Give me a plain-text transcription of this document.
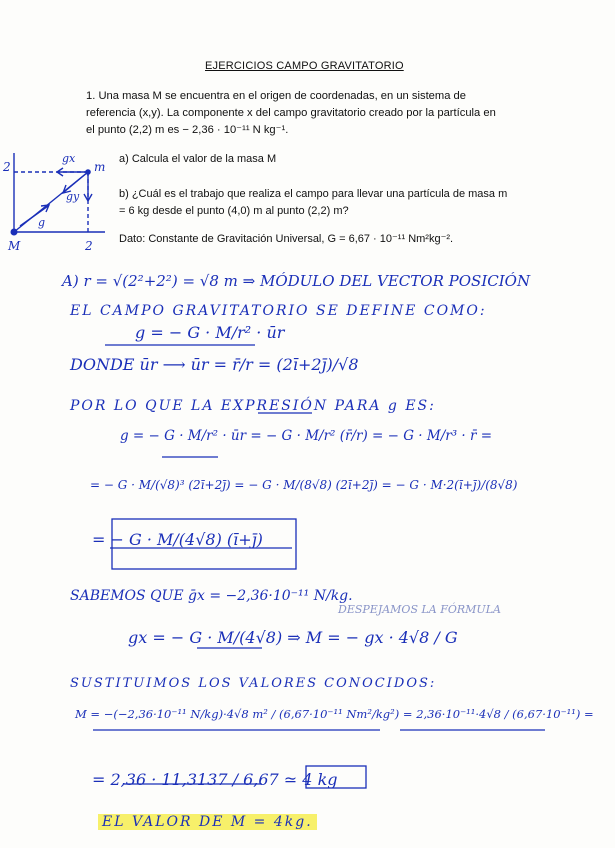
EJERCICIOS CAMPO GRAVITATORIO
1. Una masa M se encuentra en el origen de coordenadas, en un sistema de referencia (x,y). La componente x del campo gravitatorio creado por la partícula en el punto (2,2) m es − 2,36 · 10⁻¹¹ N kg⁻¹.
a) Calcula el valor de la masa M
b) ¿Cuál es el trabajo que realiza el campo para llevar una partícula de masa m = 6 kg desde el punto (4,0) m al punto (2,2) m?
Dato: Constante de Gravitación Universal, G = 6,67 · 10⁻¹¹ Nm²kg⁻².
2	m
gx
gy
g
M	2
A) r = √(2²+2²) = √8 m ⇒ MÓDULO DEL VECTOR POSICIÓN
EL CAMPO GRAVITATORIO SE DEFINE COMO:
g = − G · M/r² · ūr
DONDE ūr ⟶ ūr = r̄/r = (2ī+2j̄)/√8
POR LO QUE LA EXPRESIÓN PARA g ES:
g = − G · M/r² · ūr = − G · M/r² (r̄/r) = − G · M/r³ · r̄ =
= − G · M/(√8)³ (2ī+2j̄) = − G · M/(8√8) (2ī+2j̄) = − G · M·2(ī+j̄)/(8√8)
= − G · M/(4√8) (ī+j̄)
SABEMOS QUE ḡx = −2,36·10⁻¹¹ N/kg.
DESPEJAMOS LA FÓRMULA
gx = − G · M/(4√8) ⇒ M = − gx · 4√8 / G
SUSTITUIMOS LOS VALORES CONOCIDOS:
M = −(−2,36·10⁻¹¹ N/kg)·4√8 m² / (6,67·10⁻¹¹ Nm²/kg²) = 2,36·10⁻¹¹·4√8 / (6,67·10⁻¹¹) =
= 2,36 · 11,3137 / 6,67 ≃ 4 kg
EL VALOR DE M = 4kg.
